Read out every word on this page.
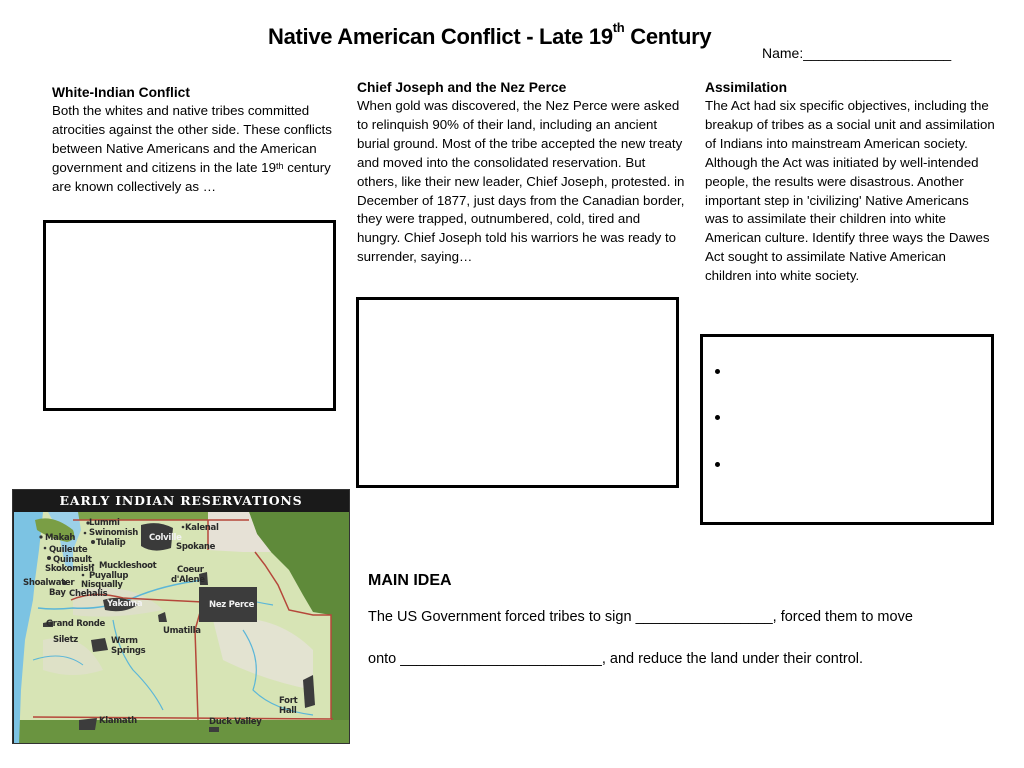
Native American Conflict - Late 19th Century
Name:___________________
White-Indian Conflict

Both the whites and native tribes committed atrocities against the other side. These conflicts between Native Americans and the American government and citizens in the late 19th century are known collectively as …

Chief Joseph and the Nez Perce

When gold was discovered, the Nez Perce were asked to relinquish 90% of their land, including an ancient burial ground. Most of the tribe accepted the new treaty and moved into the consolidated reservation. But others, like their new leader, Chief Joseph, protested. in December of 1877, just days from the Canadian border, they were trapped, outnumbered, cold, tired and hungry. Chief Joseph told his warriors he was ready to surrender, saying…

Assimilation

The Act had six specific objectives, including the breakup of tribes as a social unit and assimilation of Indians into mainstream American society. Although the Act was initiated by well-intended people, the results were disastrous. Another important step in 'civilizing' Native Americans was to assimilate their children into white American culture. Identify three ways the Dawes Act sought to assimilate Native American children into white society.

EARLY INDIAN RESERVATIONS
Lummi
Swinomish
Tulalip
Makah
Quileute
Quinault
Skokomish Muckleshoot
Puyallup
Nisqually
Shoalwater
Bay Chehalis
Colville
Kalenal
Spokane
Coeur
d'Alene
Yakama	Nez Perce
Grand Ronde
Siletz
Umatilla
Warm
Springs
Fort
Hall
Klamath	Duck Valley
MAIN IDEA
The US Government forced tribes to sign _________________, forced them to move
onto _________________________, and reduce the land under their control.
